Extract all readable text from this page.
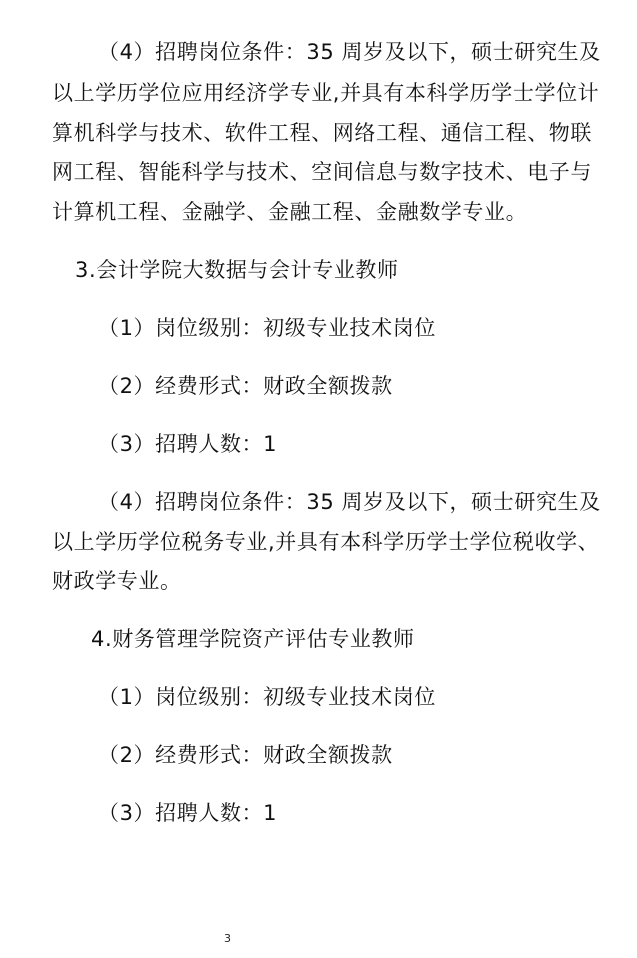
（4）招聘岗位条件：35 周岁及以下，硕士研究生及
以上学历学位应用经济学专业,并具有本科学历学士学位计
算机科学与技术、软件工程、网络工程、通信工程、物联
网工程、智能科学与技术、空间信息与数字技术、电子与
计算机工程、金融学、金融工程、金融数学专业。
3.会计学院大数据与会计专业教师
（1）岗位级别：初级专业技术岗位
（2）经费形式：财政全额拨款
（3）招聘人数：1
（4）招聘岗位条件：35 周岁及以下，硕士研究生及
以上学历学位税务专业,并具有本科学历学士学位税收学、
财政学专业。
4.财务管理学院资产评估专业教师
（1）岗位级别：初级专业技术岗位
（2）经费形式：财政全额拨款
（3）招聘人数：1
3
